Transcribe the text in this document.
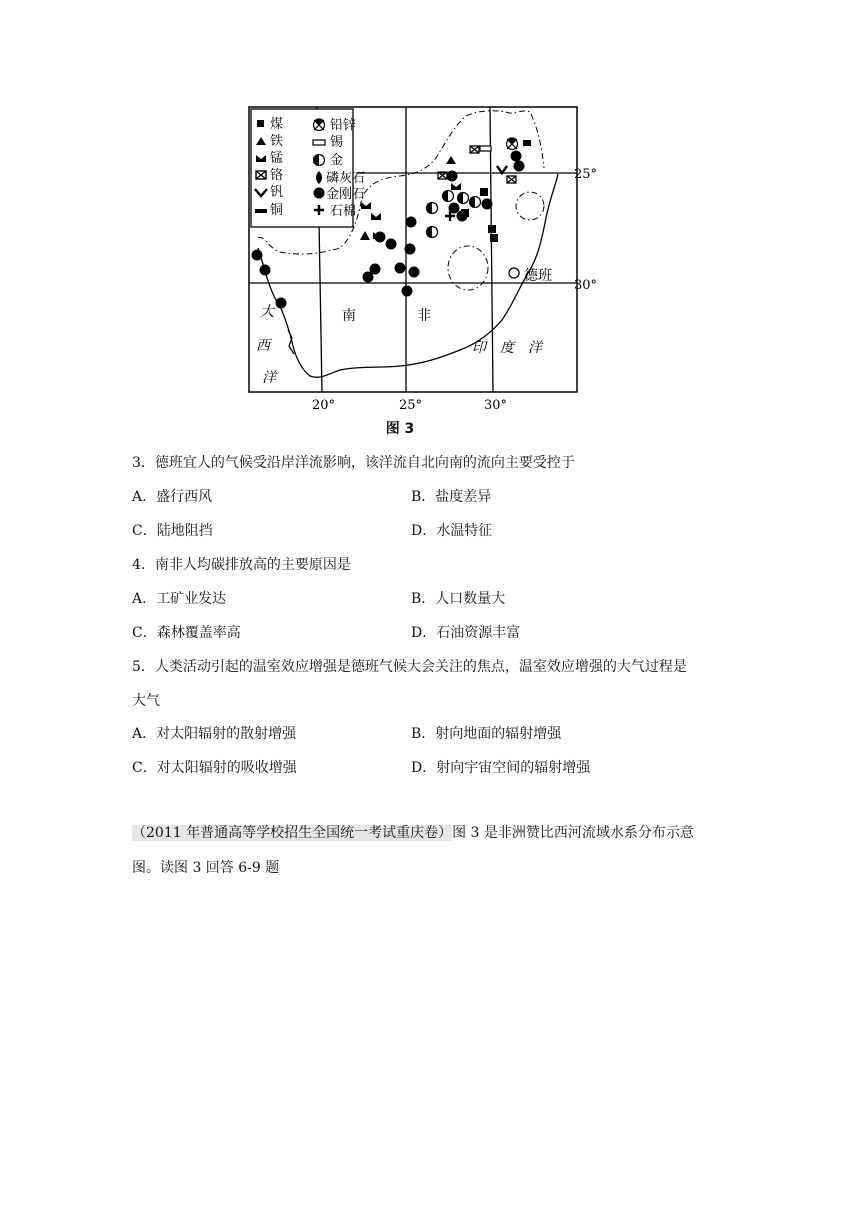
煤	铅锌
铁	锡
锰	金
铬	磷灰石
钒	金刚石
铜	石棉
德班
南	非
大
西
洋
印 度 洋
25°
30°
20°	25°	30°
图 3
3．德班宜人的气候受沿岸洋流影响，该洋流自北向南的流向主要受控于
A．盛行西风	B．盐度差异
C．陆地阻挡	D．水温特征
4．南非人均碳排放高的主要原因是
A．工矿业发达	B．人口数量大
C．森林覆盖率高	D．石油资源丰富
5．人类活动引起的温室效应增强是德班气候大会关注的焦点，温室效应增强的大气过程是
大气
A．对太阳辐射的散射增强	B．射向地面的辐射增强
C．对太阳辐射的吸收增强	D．射向宇宙空间的辐射增强
（2011 年普通高等学校招生全国统一考试重庆卷）图 3 是非洲赞比西河流域水系分布示意
图。读图 3 回答 6-9 题
